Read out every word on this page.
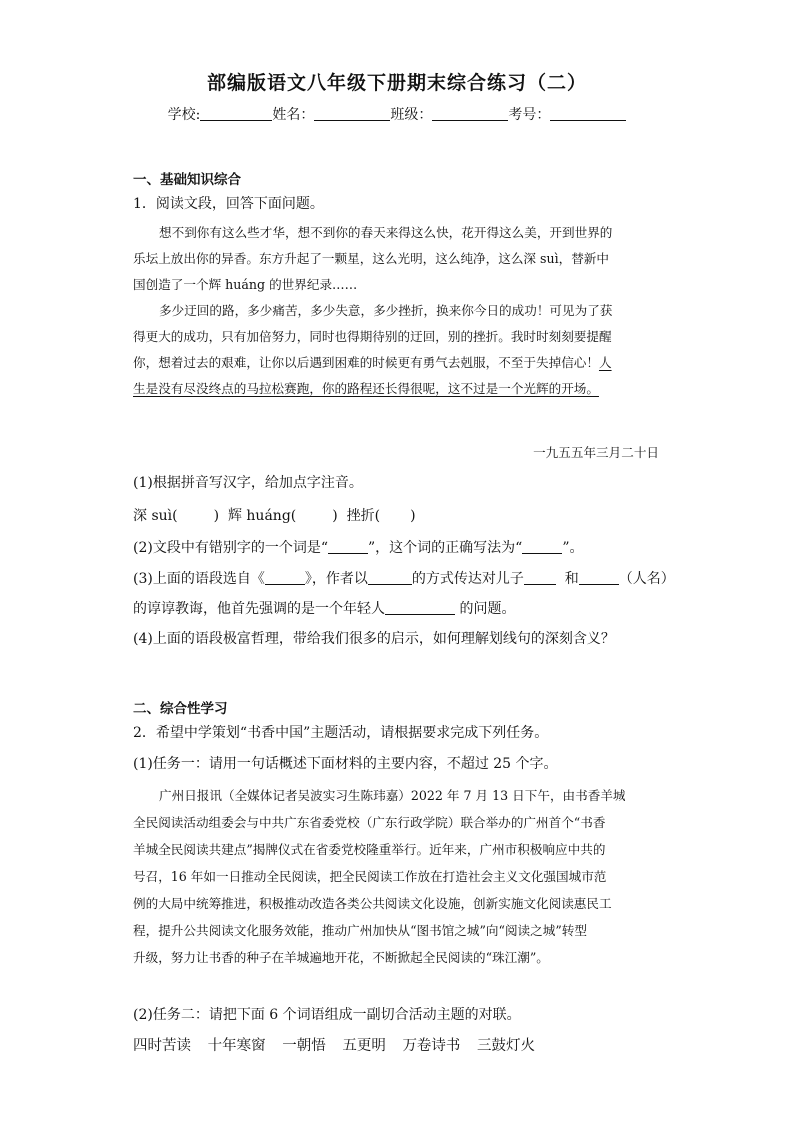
部编版语文八年级下册期末综合练习（二）
学校:	姓名：	班级：	考号：
一、基础知识综合
1．阅读文段，回答下面问题。
想不到你有这么些才华，想不到你的春天来得这么快，花开得这么美，开到世界的
乐坛上放出你的异香。东方升起了一颗星，这么光明，这么纯净，这么深 suì，替新中
国创造了一个辉 huáng 的世界纪录……
多少迂回的路，多少痛苦，多少失意，多少挫折，换来你今日的成功！可见为了获
得更大的成功，只有加倍努力，同时也得期待别的迂回，别的挫折。我时时刻刻要提醒
你，想着过去的艰难，让你以后遇到困难的时候更有勇气去剋服，不至于失掉信心！人
生是没有尽没终点的马拉松赛跑，你的路程还长得很呢，这不过是一个光辉的开场。
一九五五年三月二十日
(1)根据拼音写汉字，给加点字注音。
深 suì(	) 辉 huáng(	) 挫折( )
(2)文段中有错别字的一个词是“	”，这个词的正确写法为“	”。
(3)上面的语段选自《	》，作者以	的方式传达对儿子	和	（人名）
的谆谆教诲，他首先强调的是一个年轻人	的问题。
(4)上面的语段极富哲理，带给我们很多的启示，如何理解划线句的深刻含义？
二、综合性学习
2．希望中学策划“书香中国”主题活动，请根据要求完成下列任务。
(1)任务一：请用一句话概述下面材料的主要内容，不超过 25 个字。
广州日报讯（全媒体记者吴波实习生陈玮嘉）2022 年 7 月 13 日下午，由书香羊城
全民阅读活动组委会与中共广东省委党校（广东行政学院）联合举办的广州首个“书香
羊城全民阅读共建点”揭牌仪式在省委党校隆重举行。近年来，广州市积极响应中共的
号召，16 年如一日推动全民阅读，把全民阅读工作放在打造社会主义文化强国城市范
例的大局中统筹推进，积极推动改造各类公共阅读文化设施，创新实施文化阅读惠民工
程，提升公共阅读文化服务效能，推动广州加快从“图书馆之城”向“阅读之城”转型
升级，努力让书香的种子在羊城遍地开花，不断掀起全民阅读的“珠江潮”。
(2)任务二：请把下面 6 个词语组成一副切合活动主题的对联。
四时苦读 十年寒窗 一朝悟 五更明 万卷诗书 三鼓灯火
